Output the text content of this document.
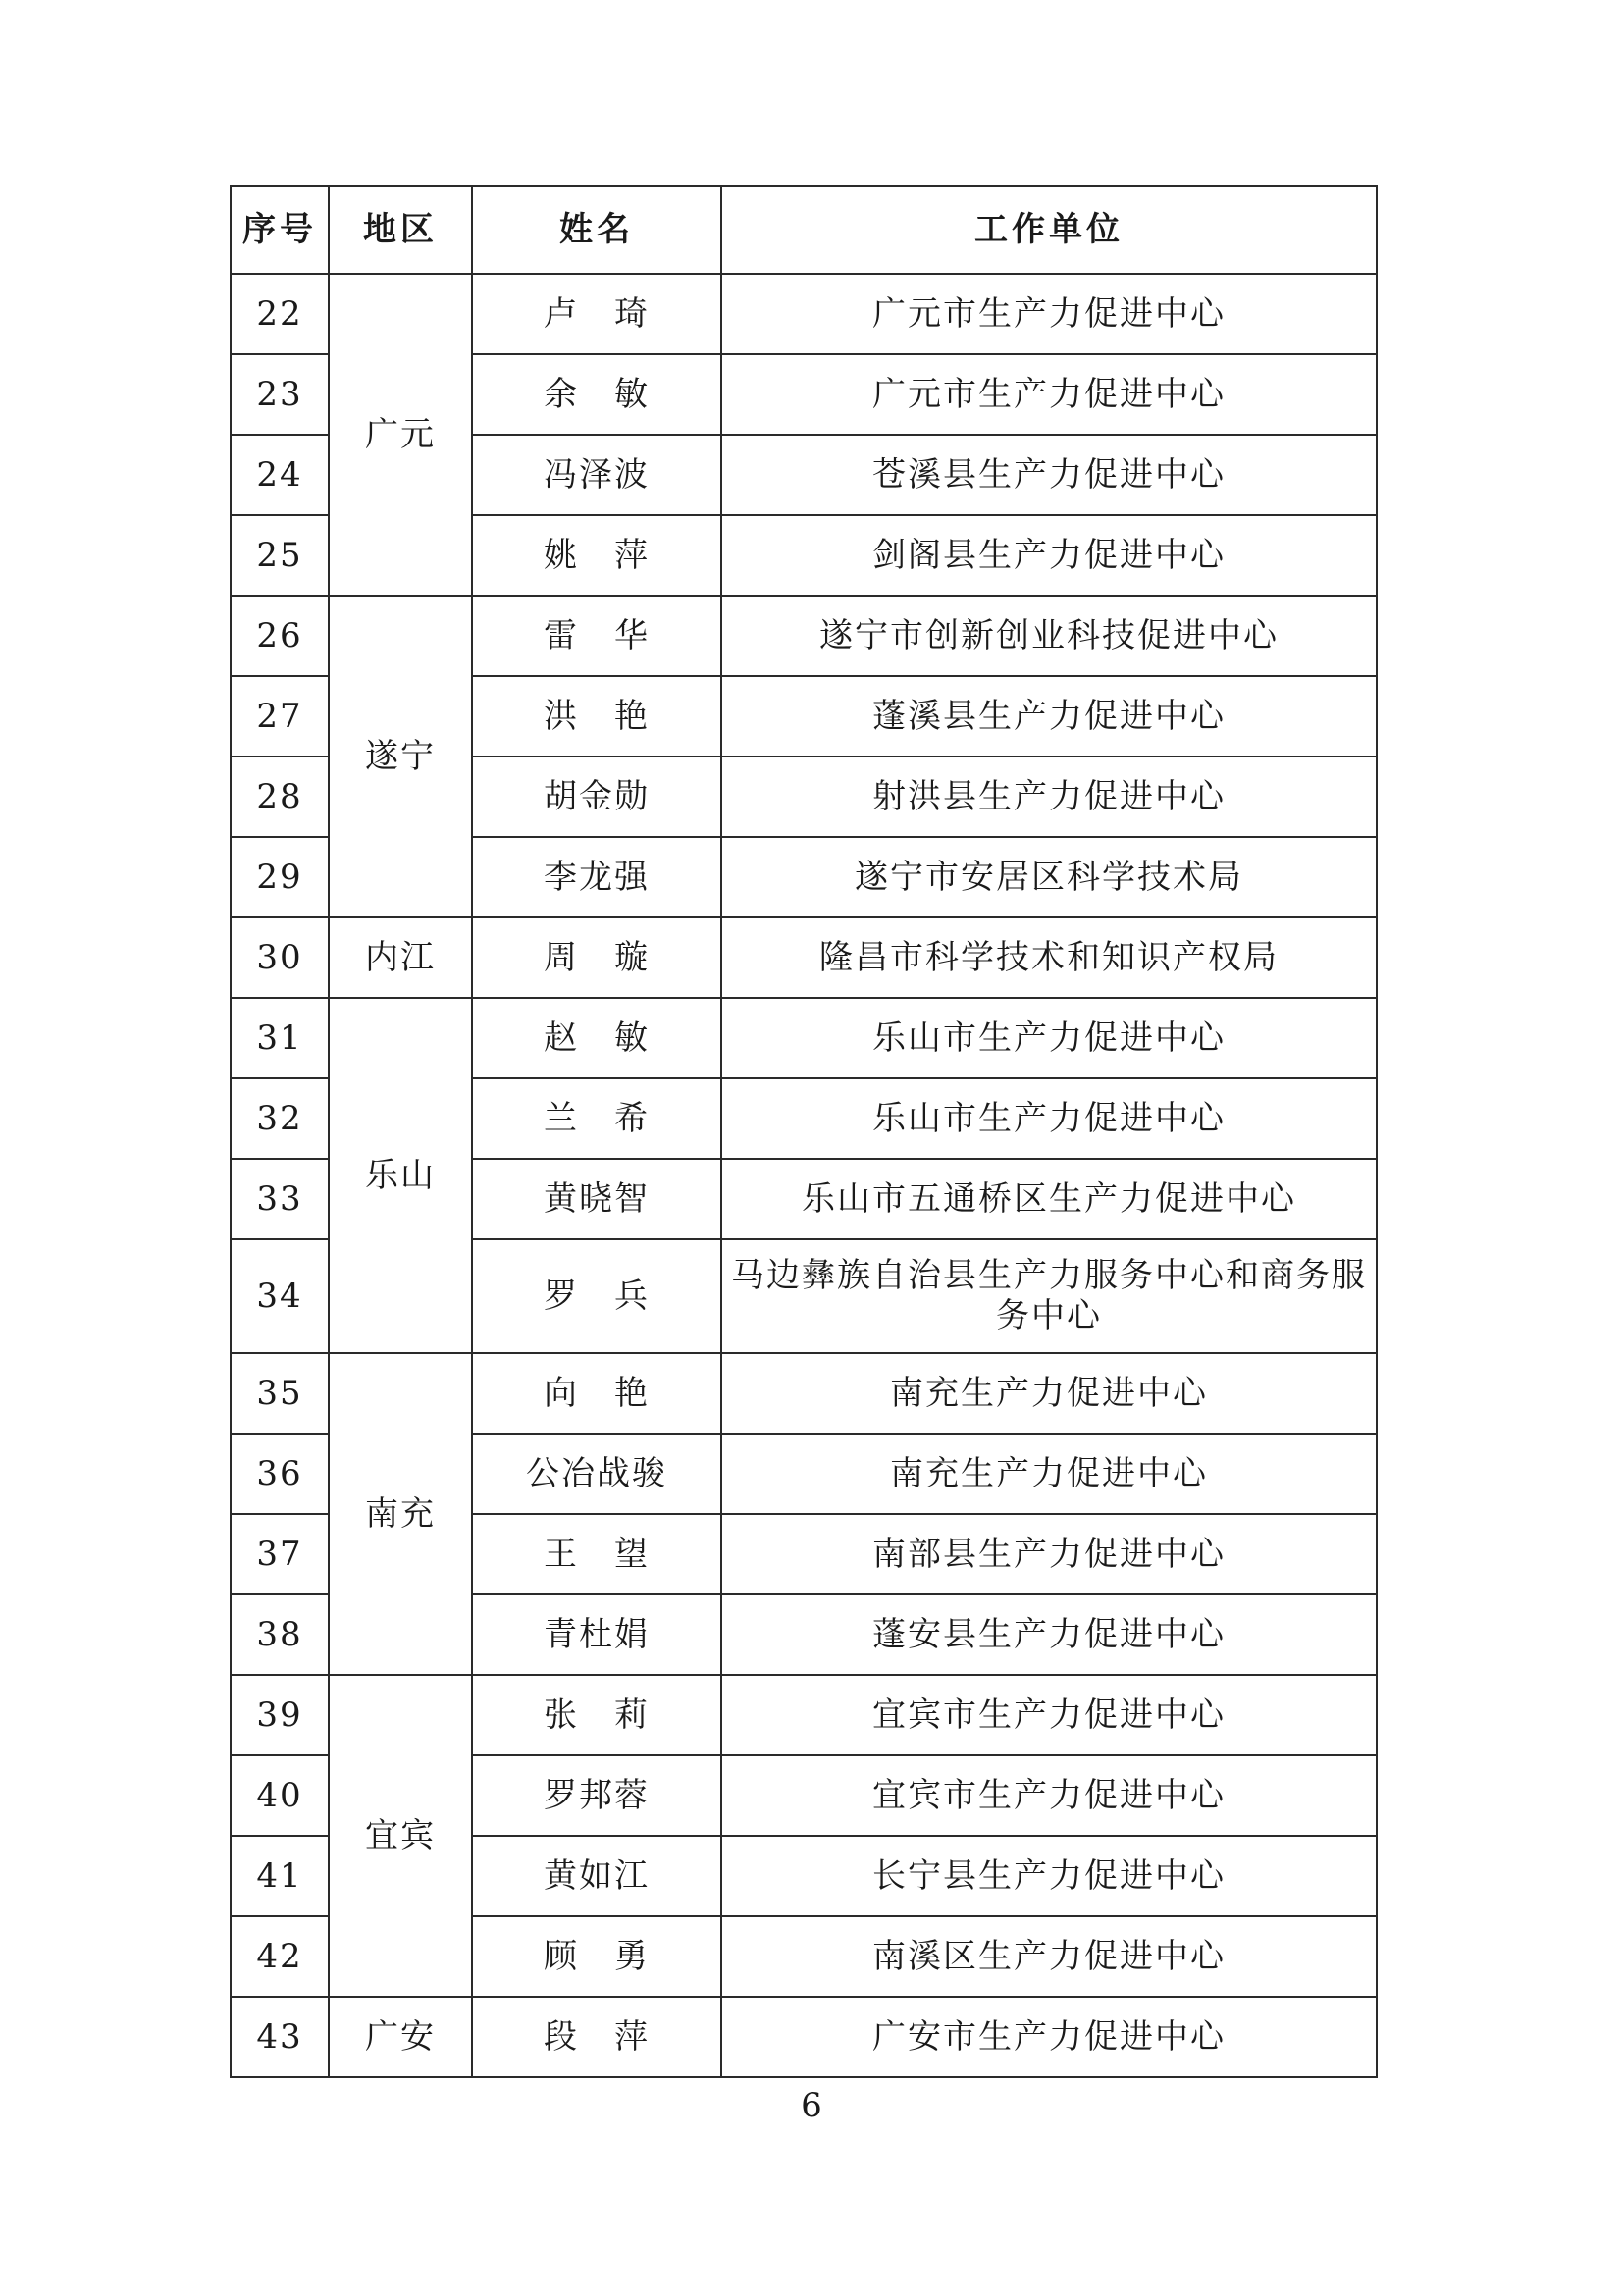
序号	地区	姓名	工作单位
22	广元	卢　琦	广元市生产力促进中心
23		余　敏	广元市生产力促进中心
24		冯泽波	苍溪县生产力促进中心
25		姚　萍	剑阁县生产力促进中心
26	遂宁	雷　华	遂宁市创新创业科技促进中心
27		洪　艳	蓬溪县生产力促进中心
28		胡金勋	射洪县生产力促进中心
29		李龙强	遂宁市安居区科学技术局
30	内江	周　璇	隆昌市科学技术和知识产权局
31	乐山	赵　敏	乐山市生产力促进中心
32		兰　希	乐山市生产力促进中心
33		黄晓智	乐山市五通桥区生产力促进中心
34		罗　兵	马边彝族自治县生产力服务中心和商务服务中心
35	南充	向　艳	南充生产力促进中心
36		公冶战骏	南充生产力促进中心
37		王　望	南部县生产力促进中心
38		青杜娟	蓬安县生产力促进中心
39	宜宾	张　莉	宜宾市生产力促进中心
40		罗邦蓉	宜宾市生产力促进中心
41		黄如江	长宁县生产力促进中心
42		顾　勇	南溪区生产力促进中心
43	广安	段　萍	广安市生产力促进中心
6
